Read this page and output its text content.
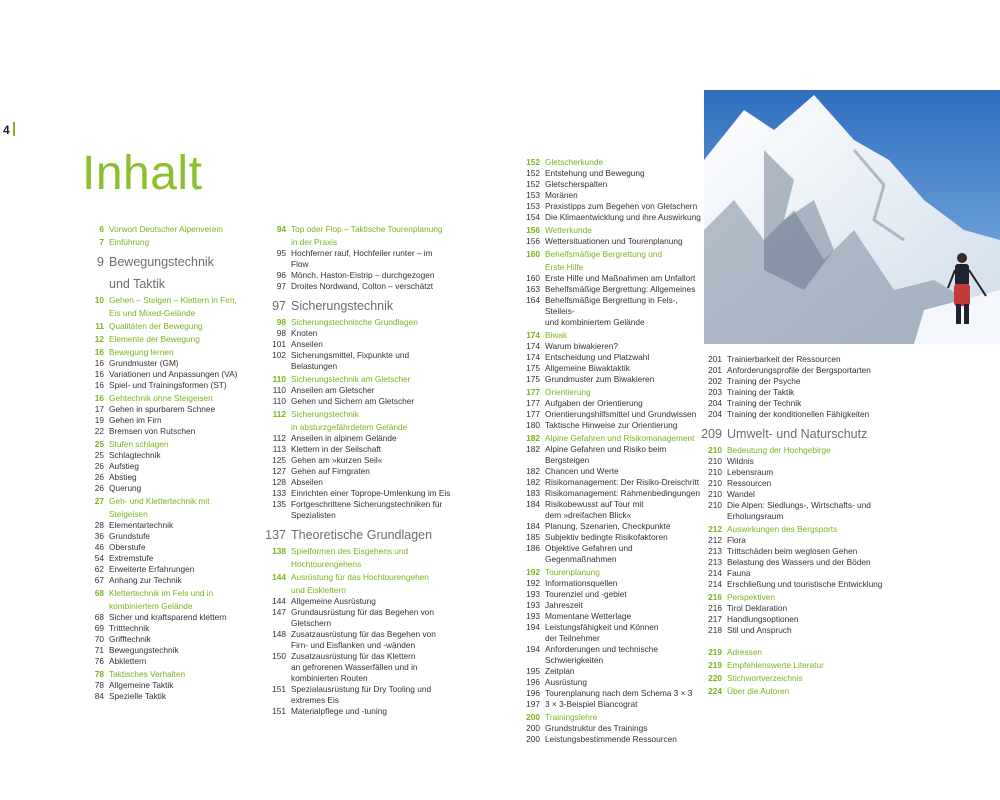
4
Inhalt
6 Vorwort Deutscher Alpenverein
7 Einführung
9 Bewegungstechnik
und Taktik
10 Gehen – Steigen – Klettern in Firn,
Eis und Mixed-Gelände
11 Qualitäten der Bewegung
12 Elemente der Bewegung
16 Bewegung lernen
16 Grundmuster (GM)
16 Variationen und Anpassungen (VA)
16 Spiel- und Trainingsformen (ST)
16 Gehtechnik ohne Steigeisen
17 Gehen in spurbarem Schnee
19 Gehen im Firn
22 Bremsen von Rutschen
25 Stufen schlagen
25 Schlagtechnik
26 Aufstieg
26 Abstieg
26 Querung
27 Geh- und Klettertechnik mit
Steigeisen
28 Elementartechnik
36 Grundstufe
46 Oberstufe
54 Extremstufe
62 Erweiterte Erfahrungen
67 Anhang zur Technik
68 Klettertechnik im Fels und in
kombiniertem Gelände
68 Sicher und kraftsparend klettern
69 Tritttechnik
70 Grifftechnik
71 Bewegungstechnik
76 Abklettern
78 Taktisches Verhalten
78 Allgemeine Taktik
84 Spezielle Taktik
94 Top oder Flop – Taktische Tourenplanung
in der Praxis
95 Hochferner rauf, Hochfeiler runter – im Flow
96 Mönch, Haston-Eistrip – durchgezogen
97 Droites Nordwand, Colton – verschätzt
97 Sicherungstechnik
98 Sicherungstechnische Grundlagen
98 Knoten
101 Anseilen
102 Sicherungsmittel, Fixpunkte und Belastungen
110 Sicherungstechnik am Gletscher
110 Anseilen am Gletscher
110 Gehen und Sichern am Gletscher
112 Sicherungstechnik
in absturzgefährdetem Gelände
112 Anseilen in alpinem Gelände
113 Klettern in der Seilschaft
125 Gehen am »kurzen Seil«
127 Gehen auf Firngraten
128 Abseilen
133 Einrichten einer Toprope-Umlenkung im Eis
135 Fortgeschrittene Sicherungstechniken für
Spezialisten
137 Theoretische Grundlagen
138 Spielformen des Eisgehens und
Hochtourengehens
144 Ausrüstung für das Hochtourengehen
und Eisklettern
144 Allgemeine Ausrüstung
147 Grundausrüstung für das Begehen von
Gletschern
148 Zusatzausrüstung für das Begehen von
Firn- und Eisflanken und -wänden
150 Zusatzausrüstung für das Klettern
an gefrorenen Wasserfällen und in
kombinierten Routen
151 Spezialausrüstung für Dry Tooling und
extremes Eis
151 Materialpflege und -tuning
152 Gletscherkunde
152 Entstehung und Bewegung
152 Gletscherspalten
153 Moränen
153 Praxistipps zum Begehen von Gletschern
154 Die Klimaentwicklung und ihre Auswirkung
156 Wetterkunde
156 Wettersituationen und Tourenplanung
160 Behelfsmäßige Bergrettung und
Erste Hilfe
160 Erste Hilfe und Maßnahmen am Unfallort
163 Behelfsmäßige Bergrettung: Allgemeines
164 Behelfsmäßige Bergrettung in Fels-, Steileis-
und kombiniertem Gelände
174 Biwak
174 Warum biwakieren?
174 Entscheidung und Platzwahl
175 Allgemeine Biwaktaktik
175 Grundmuster zum Biwakieren
177 Orientierung
177 Aufgaben der Orientierung
177 Orientierungshilfsmittel und Grundwissen
180 Taktische Hinweise zur Orientierung
182 Alpine Gefahren und Risikomanagement
182 Alpine Gefahren und Risiko beim
Bergsteigen
182 Chancen und Werte
182 Risikomanagement: Der Risiko-Dreischritt
183 Risikomanagement: Rahmenbedingungen
184 Risikobewusst auf Tour mit
dem »dreifachen Blick«
184 Planung, Szenarien, Checkpunkte
185 Subjektiv bedingte Risikofaktoren
186 Objektive Gefahren und Gegenmaßnahmen
192 Tourenplanung
192 Informationsquellen
193 Tourenziel und -gebiet
193 Jahreszeit
193 Momentane Wetterlage
194 Leistungsfähigkeit und Können
der Teilnehmer
194 Anforderungen und technische
Schwierigkeiten
195 Zeitplan
196 Ausrüstung
196 Tourenplanung nach dem Schema 3 × 3
197 3 × 3-Beispiel Biancograt
200 Trainingslehre
200 Grundstruktur des Trainings
200 Leistungsbestimmende Ressourcen
201 Trainierbarkeit der Ressourcen
201 Anforderungsprofile der Bergsportarten
202 Training der Psyche
203 Training der Taktik
204 Training der Technik
204 Training der konditionellen Fähigkeiten
209 Umwelt- und Naturschutz
210 Bedeutung der Hochgebirge
210 Wildnis
210 Lebensraum
210 Ressourcen
210 Wandel
210 Die Alpen: Siedlungs-, Wirtschafts- und
Erholungsraum
212 Auswirkungen des Bergsports
212 Flora
213 Trittschäden beim weglosen Gehen
213 Belastung des Wassers und der Böden
214 Fauna
214 Erschließung und touristische Entwicklung
216 Perspektiven
216 Tirol Deklaration
217 Handlungsoptionen
218 Stil und Anspruch
219 Adressen
219 Empfehlenswerte Literatur
220 Stichwortverzeichnis
224 Über die Autoren
